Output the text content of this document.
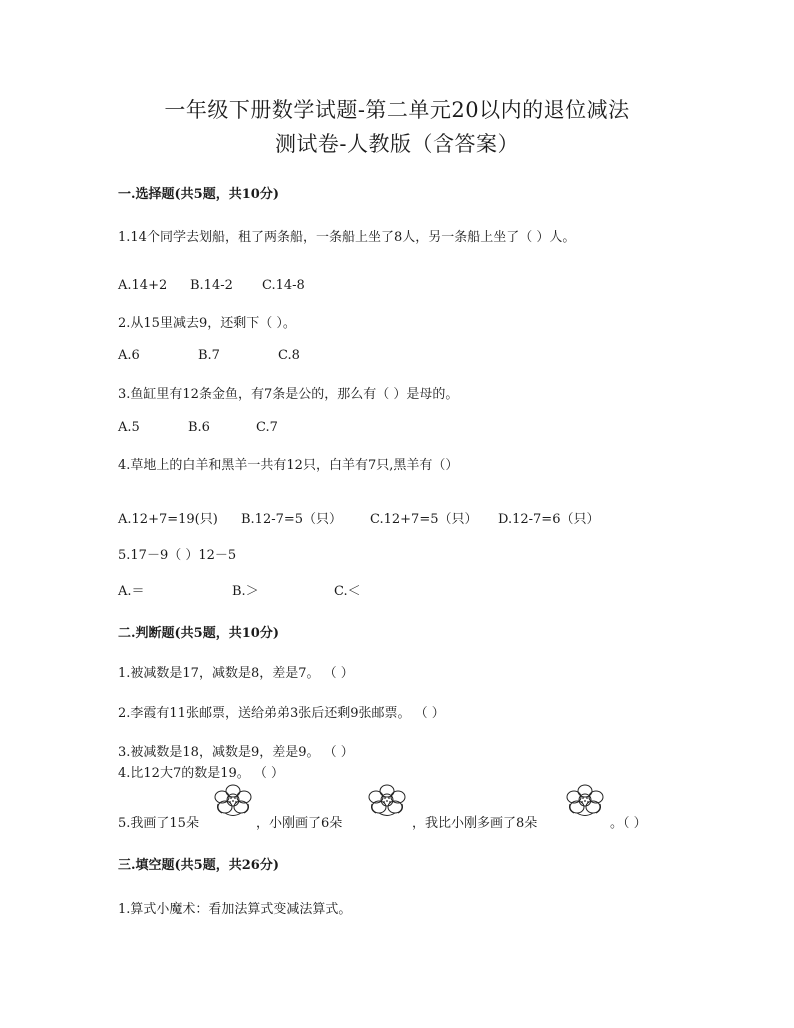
一年级下册数学试题-第二单元20以内的退位减法
测试卷-人教版（含答案）
一.选择题(共5题，共10分)
1.14个同学去划船，租了两条船，一条船上坐了8人，另一条船上坐了（ ）人。
A.14+2 B.14-2 C.14-8
2.从15里减去9，还剩下（ ）。
A.6	B.7	C.8
3.鱼缸里有12条金鱼，有7条是公的，那么有（ ）是母的。
A.5	B.6	C.7
4.草地上的白羊和黑羊一共有12只，白羊有7只,黑羊有（）
A.12+7=19(只) B.12-7=5（只） C.12+7=5（只） D.12-7=6（只）
5.17－9（ ）12－5
A.＝	B.＞	C.＜
二.判断题(共5题，共10分)
1.被减数是17，减数是8，差是7。 （ ）
2.李霞有11张邮票，送给弟弟3张后还剩9张邮票。 （ ）
3.被减数是18，减数是9，差是9。 （ ）
4.比12大7的数是19。 （ ）
5.我画了15朵	，小刚画了6朵	，我比小刚多画了8朵	。（ ）
三.填空题(共5题，共26分)
1.算式小魔术：看加法算式变减法算式。
